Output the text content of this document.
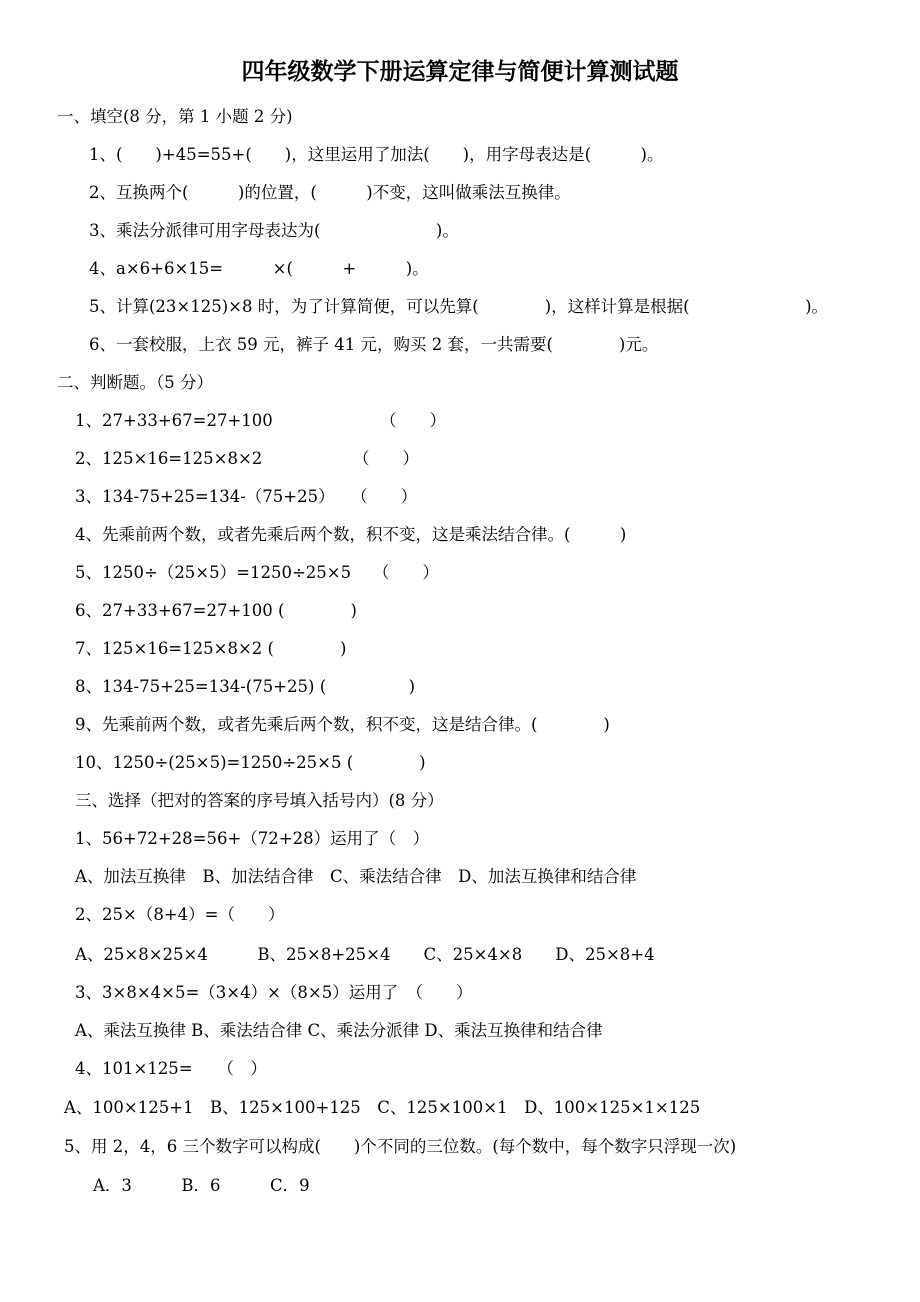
四年级数学下册运算定律与简便计算测试题
一、填空(8 分，第 1 小题 2 分)
1、(　　)+45=55+(　　)，这里运用了加法(　　)，用字母表达是(　　　)。
2、互换两个(　　　)的位置，(　　　)不变，这叫做乘法互换律。
3、乘法分派律可用字母表达为(　　　　　　　)。
4、a×6+6×15=　　　×(　　　+　　　)。
5、计算(23×125)×8 时，为了计算简便，可以先算(　　　　)，这样计算是根据(　　　　　　　)。
6、一套校服，上衣 59 元，裤子 41 元，购买 2 套，一共需要(　　　　)元。
二、判断题。（5 分）
1、27+33+67=27+100　　　　　　　（　　）
2、125×16=125×8×2　　　　　　（　　）
3、134-75+25=134-（75+25）　　（　　）
4、先乘前两个数，或者先乘后两个数，积不变，这是乘法结合律。(　　　)
5、1250÷（25×5）=1250÷25×5　 （　　）
6、27+33+67=27+100 (　　　　)
7、125×16=125×8×2 (　　　　)
8、134-75+25=134-(75+25) (　　　　　)
9、先乘前两个数，或者先乘后两个数，积不变，这是结合律。(　　　　)
10、1250÷(25×5)=1250÷25×5 (　　　　)
三、选择（把对的答案的序号填入括号内）(8 分）
1、56+72+28=56+（72+28）运用了（　）
A、加法互换律　B、加法结合律　C、乘法结合律　D、加法互换律和结合律
2、25×（8+4）=（　　）
A、25×8×25×4　　　B、25×8+25×4　　C、25×4×8　　D、25×8+4
3、3×8×4×5=（3×4）×（8×5）运用了　（　　）
A、乘法互换律 B、乘法结合律 C、乘法分派律 D、乘法互换律和结合律
4、101×125=　　（　）
A、100×125+1　B、125×100+125　C、125×100×1　D、100×125×1×125
5、用 2，4，6 三个数字可以构成(　　)个不同的三位数。(每个数中，每个数字只浮现一次)
A．3　　　B．6　　　C．9
